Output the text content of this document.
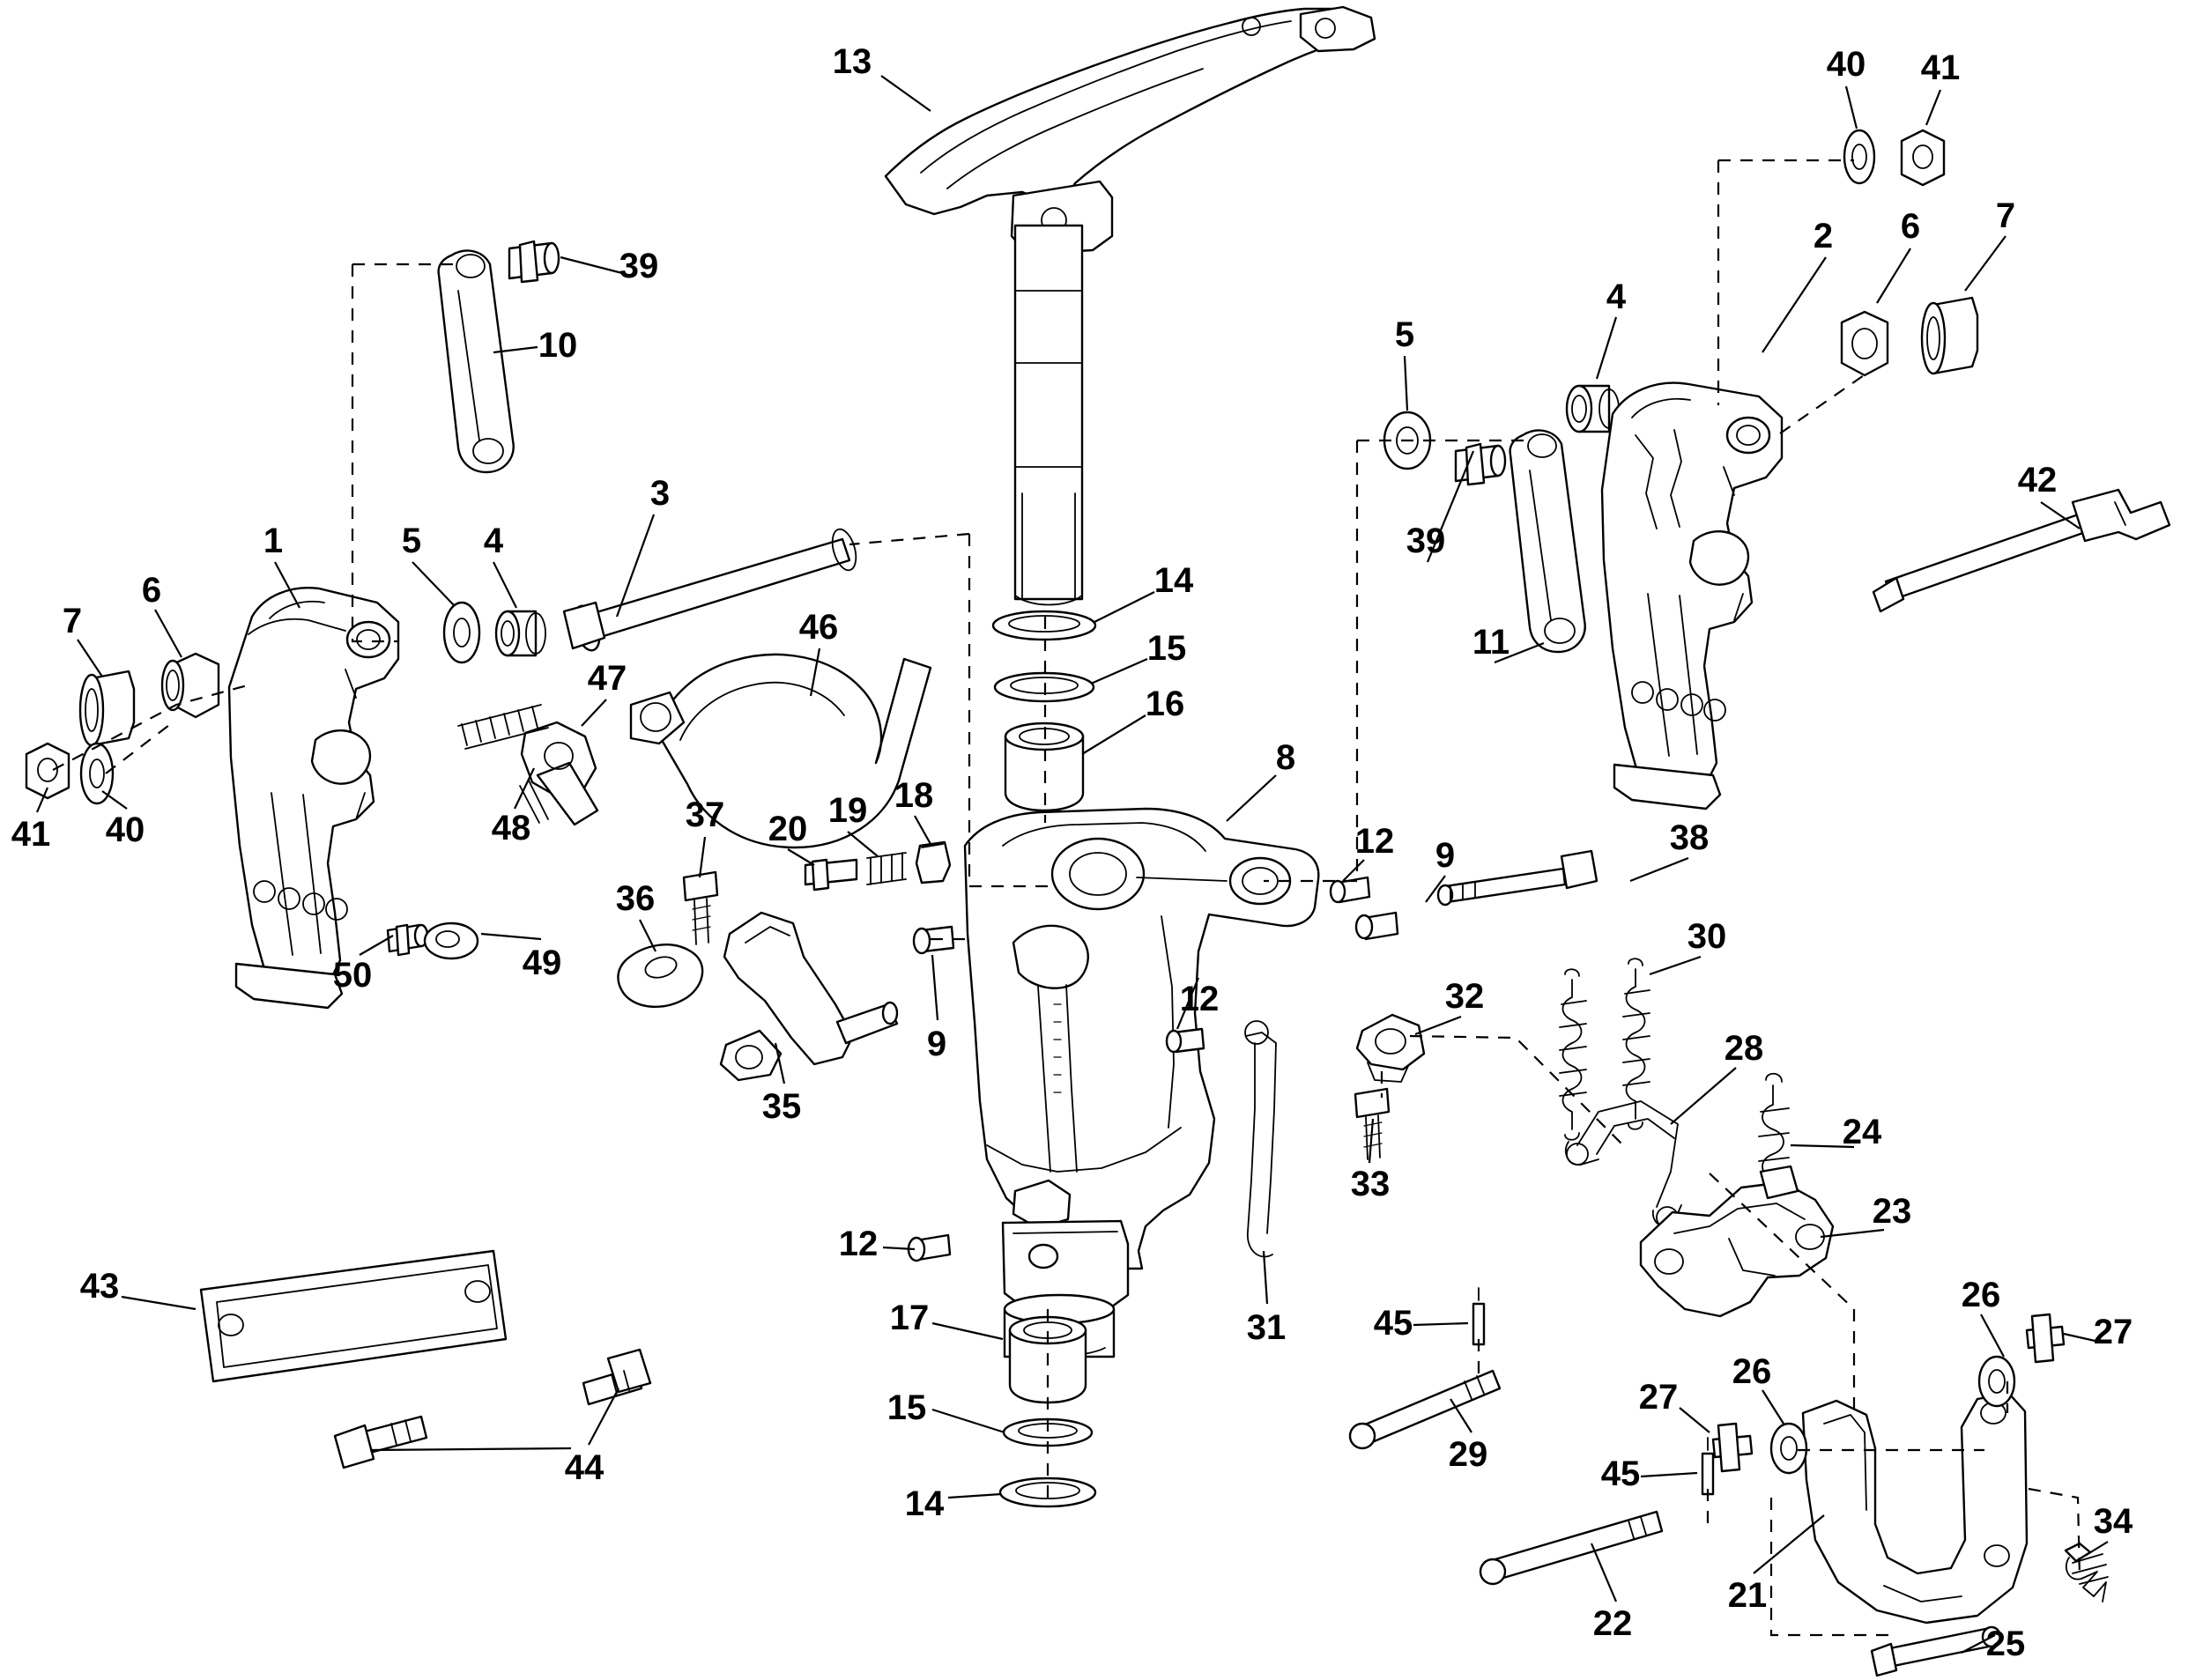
13	40 41
2 6 7
39
10
4
5
42
3
39
1	5 4
11
6
7
14
46
47
15
16
48
41 40	37 20 19 18
8
12 9	38
36
30
50	49
9
12	32
28
24
35
33
23
43
12
31
26
27
17	45
15
26
27
29	45
44
14	34
21
22
25
